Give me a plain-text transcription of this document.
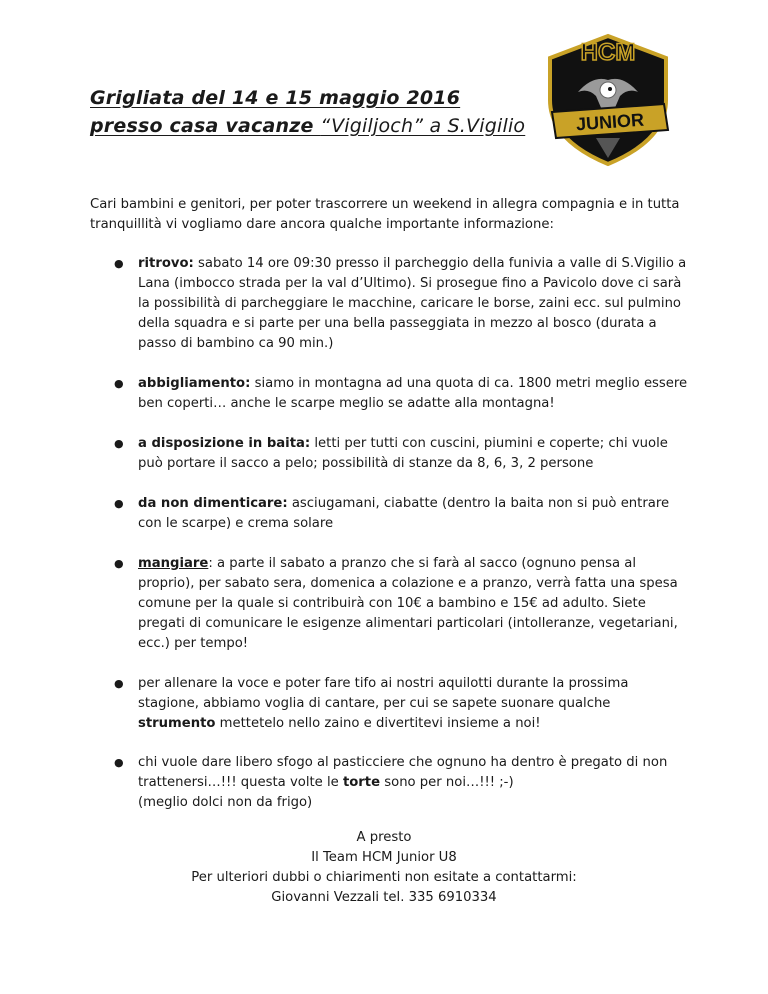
Grigliata del 14 e 15 maggio 2016
presso casa vacanze “Vigiljoch” a S.Vigilio
HCM
JUNIOR
Cari bambini e genitori, per poter trascorrere un weekend in allegra compagnia e in tutta tranquillità vi vogliamo dare ancora qualche importante informazione:
● ritrovo: sabato 14 ore 09:30 presso il parcheggio della funivia a valle di S.Vigilio a Lana (imbocco strada per la val d’Ultimo). Si prosegue fino a Pavicolo dove ci sarà la possibilità di parcheggiare le macchine, caricare le borse, zaini ecc. sul pulmino della squadra e si parte per una bella passeggiata in mezzo al bosco (durata a passo di bambino ca 90 min.)
● abbigliamento: siamo in montagna ad una quota di ca. 1800 metri meglio essere ben coperti… anche le scarpe meglio se adatte alla montagna!
● a disposizione in baita: letti per tutti con cuscini, piumini e coperte; chi vuole può portare il sacco a pelo; possibilità di stanze da 8, 6, 3, 2 persone
● da non dimenticare: asciugamani, ciabatte (dentro la baita non si può entrare con le scarpe) e crema solare
● mangiare: a parte il sabato a pranzo che si farà al sacco (ognuno pensa al proprio), per sabato sera, domenica a colazione e a pranzo, verrà fatta una spesa comune per la quale si contribuirà con 10€ a bambino e 15€ ad adulto. Siete pregati di comunicare le esigenze alimentari particolari (intolleranze, vegetariani, ecc.) per tempo!
● per allenare la voce e poter fare tifo ai nostri aquilotti durante la prossima stagione, abbiamo voglia di cantare, per cui se sapete suonare qualche strumento mettetelo nello zaino e divertitevi insieme a noi!
● chi vuole dare libero sfogo al pasticciere che ognuno ha dentro è pregato di non trattenersi…!!! questa volte le torte sono per noi…!!! ;-)
(meglio dolci non da frigo)
A presto
Il Team HCM Junior U8
Per ulteriori dubbi o chiarimenti non esitate a contattarmi:
Giovanni Vezzali tel. 335 6910334
